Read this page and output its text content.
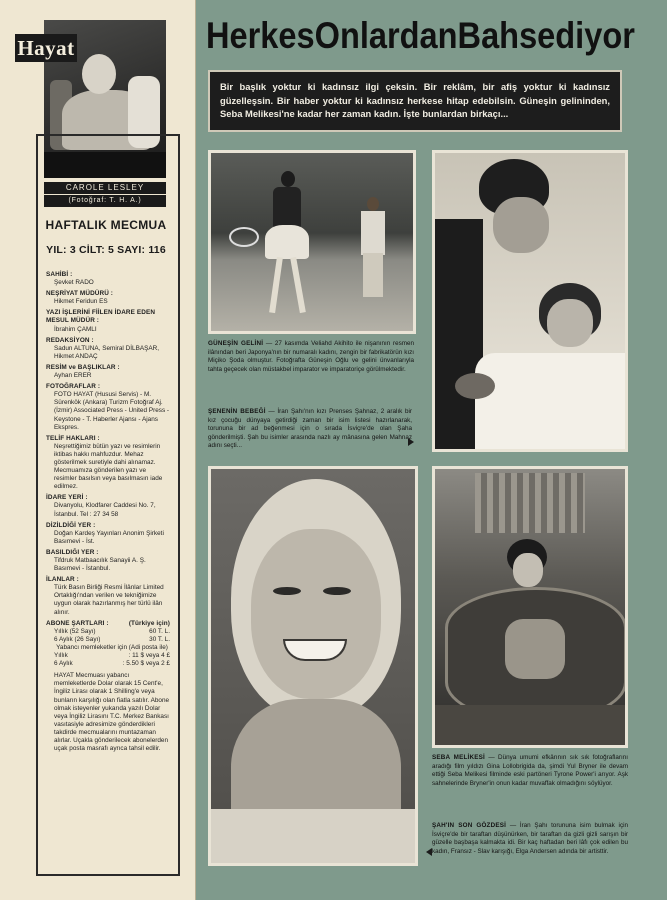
Hayat
CAROLE LESLEY
(Fotoğraf: T. H. A.)
HAFTALIK MECMUA
YIL: 3 CİLT: 5 SAYI: 116
SAHİBİ :
Şevket RADO
NEŞRİYAT MÜDÜRÜ :
Hikmet Feridun ES
YAZI İŞLERİNİ FİİLEN İDARE EDEN MESUL MÜDÜR :
İbrahim ÇAMLI
REDAKSİYON :
Sadun ALTUNA, Semiral DİLBAŞAR, Hikmet ANDAÇ
RESİM ve BAŞLIKLAR :
Ayhan ERER
FOTOĞRAFLAR :
FOTO HAYAT (Hususi Servis) - M. Sürenkök (Ankara) Turizm Fotoğraf Aj. (İzmir) Associated Press - United Press - Keystone - T. Haberler Ajansı - Ajans Ekspres.
TELİF HAKLARI :
Neşrettiğimiz bütün yazı ve resimlerin iktibas hakkı mahfuzdur. Mehaz gösterilmek suretiyle dahi alınamaz. Mecmuamıza gönderilen yazı ve resimler basılsın veya basılmasın iade edilmez.
İDARE YERİ :
Divanyolu, Klodfarer Caddesi No. 7, İstanbul. Tel : 27 34 58
DİZİLDİĞİ YER :
Doğan Kardeş Yayınları Anonim Şirketi Basımevi - İst.
BASILDIĞI YER :
Tifdruk Matbaacılık Sanayii A. Ş. Basımevi - İstanbul.
İLANLAR :
Türk Basın Birliği Resmi İlânlar Limited Ortaklığı'ndan verilen ve tekniğimize uygun olarak hazırlanmış her türlü ilân alınır.
ABONE ŞARTLARI :	(Türkiye için)
Yıllık (52 Sayı)	60 T. L.
6 Aylık (26 Sayı)	30 T. L.
Yabancı memleketler için (Adi posta ile)
Yıllık	: 11 $ veya 4 £
6 Aylık	: 5.50 $ veya 2 £
HAYAT Mecmuası yabancı memleketlerde Dolar olarak 15 Cent'e, İngiliz Lirası olarak 1 Shilling'e veya bunların karşılığı olan fiatla satılır. Abone olmak isteyenler yukarıda yazılı Dolar veya İngiliz Lirasını T.C. Merkez Bankası vasıtasiyle adresimize gönderdikleri takdirde mecmualarını muntazaman alırlar. Uçakla gönderilecek abonelerden uçak posta masrafı ayrıca tahsil edilir.
Herkes Onlardan Bahsediyor
Bir başlık yoktur ki kadınsız ilgi çeksin. Bir reklâm, bir afiş yoktur ki kadınsız güzelleşsin. Bir haber yoktur ki kadınsız herkese hitap edebilsin. Güneşin gelininden, Seba Melikesi'ne kadar her zaman kadın. İşte bunlardan birkaçı...
GÜNEŞİN GELİNİ — 27 kasımda Veliahd Akihito ile nişanının resmen ilânından beri Japonya'nın bir numaralı kadını, zengin bir fabrikatörün kızı Miçiko Şoda olmuştur. Fotoğrafta Güneşin Oğlu ve gelini ünvanlarıyla tahta geçecek olan müstakbel imparator ve imparatoriçe görülmektedir.
ŞENENİN BEBEĞİ — İran Şahı'nın kızı Prenses Şahnaz, 2 aralık bir kız çocuğu dünyaya getirdiği zaman bir isim listesi hazırlanarak, torununa bir ad beğenmesi için o sırada İsviçre'de olan Şaha gönderilmişti. Şah bu isimler arasında nazlı ay mânasına gelen Mahnaz adını seçti...
SEBA MELİKESİ — Dünya umumi efkârının sık sık fotoğraflarını aradığı film yıldızı Gina Lollobrigida da, şimdi Yul Bryner ile devam ettiği Seba Melikesi filminde eski partöneri Tyrone Power'i arıyor. Aşk sahnelerinde Bryner'in onun kadar muvaffak olmadığını söylüyor.
ŞAH'IN SON GÖZDESİ — İran Şahı torununa isim bulmak için İsviçre'de bir taraftan düşünürken, bir taraftan da gizli gizli sarışın bir güzelle başbaşa kalmakta idi. Bir kaç haftadan beri lâfı çok edilen bu kadın, Fransız - Slav karışığı, Elga Andersen adında bir artisttir.
